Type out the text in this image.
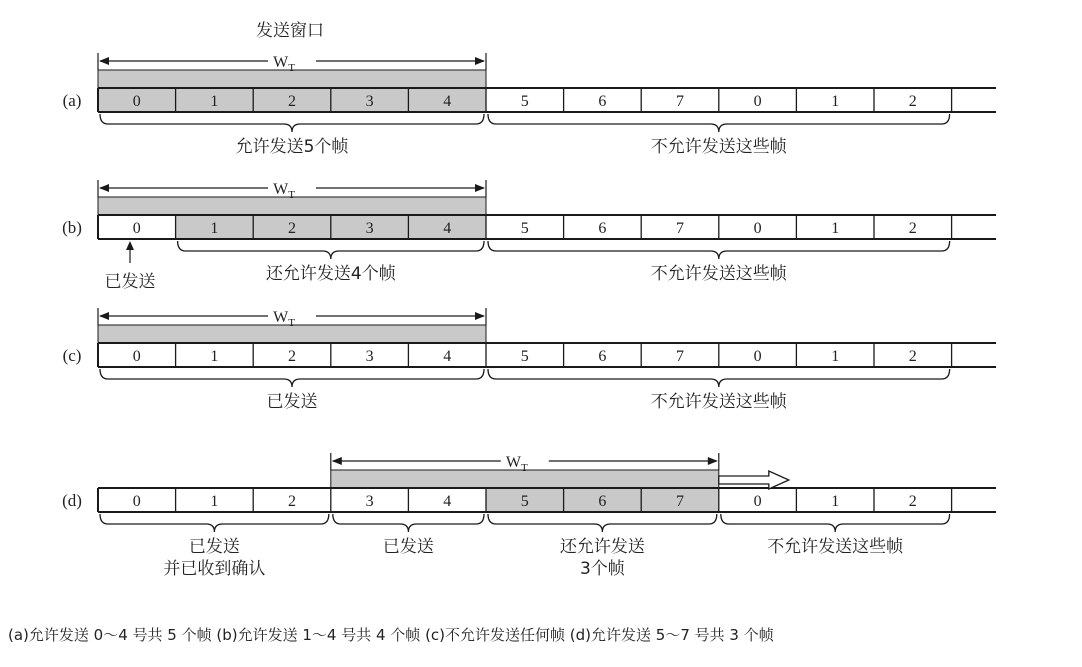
0	1	2	3	4	5	6	7	0	1	2
(a)
$W_T$
允许发送5个帧	不允许发送这些帧
0	1	2	3	4	5	6	7	0	1	2
(b)
$W_T$
还允许发送4个帧	不允许发送这些帧
已发送
0	1	2	3	4	5	6	7	0	1	2
(c)
$W_T$
已发送	不允许发送这些帧
0	1	2	3	4	5	6	7	0	1	2
(d)
$W_T$
已发送
并已收到确认
已发送	还允许发送
3个帧
不允许发送这些帧
发送窗口
(a)允许发送 0～4 号共 5 个帧 (b)允许发送 1～4 号共 4 个帧 (c)不允许发送任何帧 (d)允许发送 5～7 号共 3 个帧
